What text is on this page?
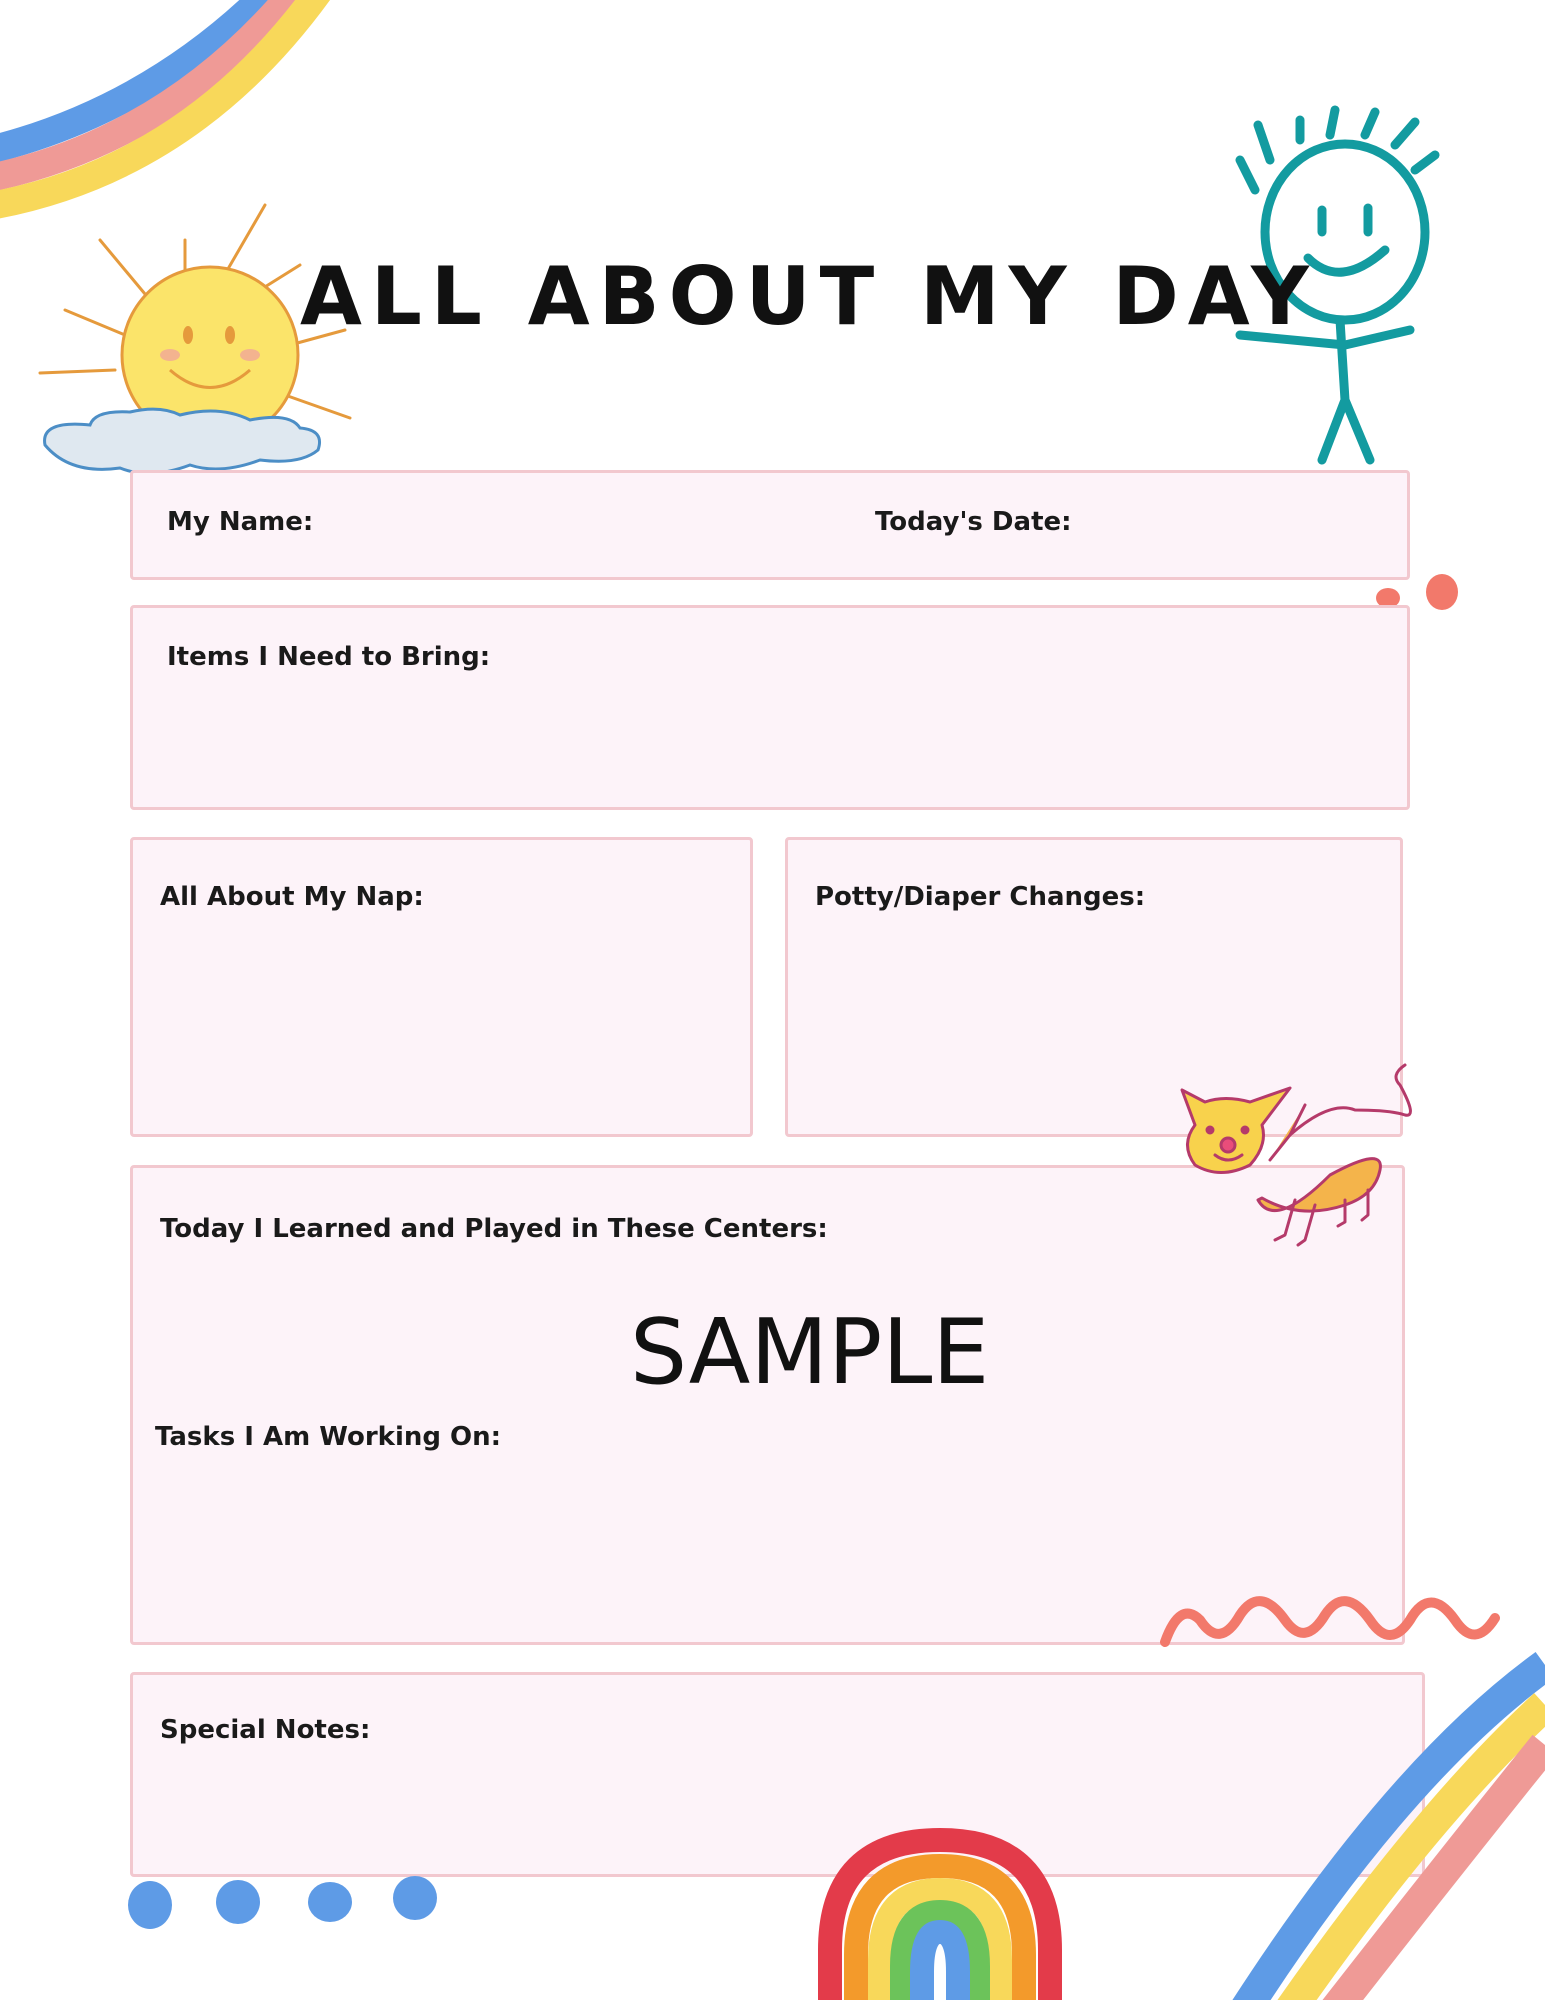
ALL ABOUT MY DAY
My Name:	Today's Date:
Items I Need to Bring:
All About My Nap:	Potty/Diaper Changes:
Today I Learned and Played in These Centers:
Tasks I Am Working On:
Special Notes:
SAMPLE
